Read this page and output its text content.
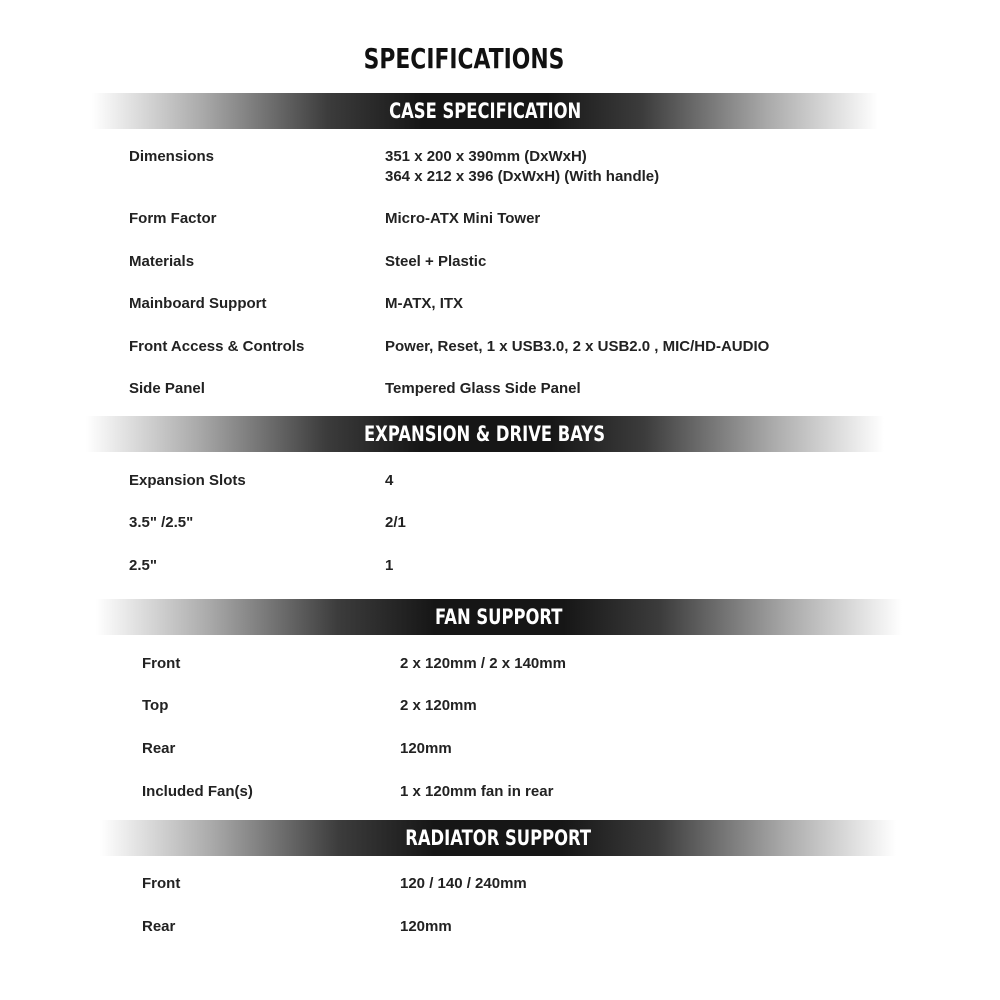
SPECIFICATIONS
CASE SPECIFICATION
Dimensions	351 x 200 x 390mm (DxWxH)
364 x 212 x 396 (DxWxH) (With handle)
Form Factor	Micro-ATX Mini Tower
Materials	Steel + Plastic
Mainboard Support	M-ATX, ITX
Front Access & Controls	Power, Reset, 1 x USB3.0, 2 x USB2.0 , MIC/HD-AUDIO
Side Panel	Tempered Glass Side Panel
EXPANSION & DRIVE BAYS
Expansion Slots	4
3.5" /2.5"	2/1
2.5"	1
FAN SUPPORT
Front	2 x 120mm / 2 x 140mm
Top	2 x 120mm
Rear	120mm
Included Fan(s)	1 x 120mm fan in rear
RADIATOR SUPPORT
Front	120 / 140 / 240mm
Rear	120mm
